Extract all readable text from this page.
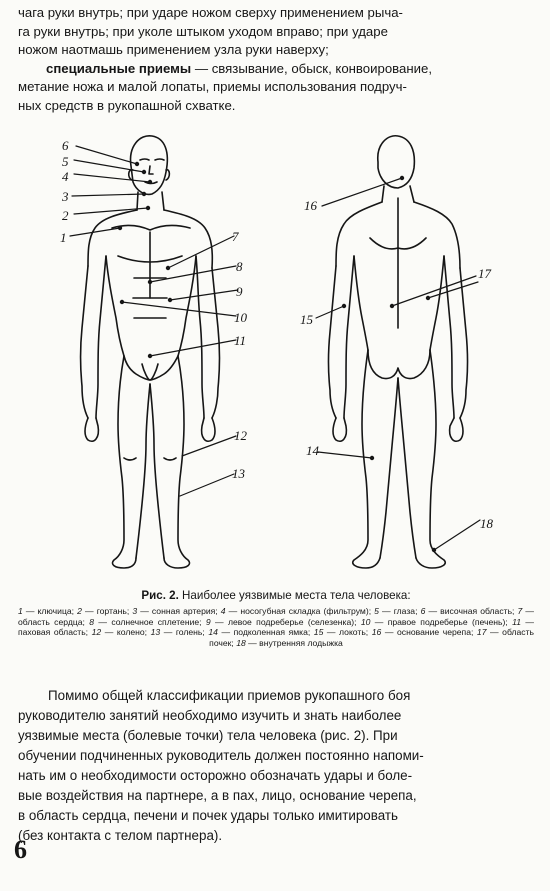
чага руки внутрь; при ударе ножом сверху применением рыча-
га руки внутрь; при уколе штыком уходом вправо; при ударе
ножом наотмашь применением узла руки наверху;
специальные приемы — связывание, обыск, конвоирование,
метание ножа и малой лопаты, приемы использования подруч-
ных средств в рукопашной схватке.

6
5
4
3
2
1	7
8
9
10
11
12
13
16
17
15
14
18
Рис. 2. Наиболее уязвимые места тела человека:
1 — ключица; 2 — гортань; 3 — сонная артерия; 4 — носогубная складка (фильтрум); 5 — глаза; 6 — височная область; 7 — область сердца; 8 — солнечное сплетение; 9 — левое подреберье (селезенка); 10 — правое подреберье (печень); 11 — паховая область; 12 — колено; 13 — голень; 14 — подколенная ямка; 15 — локоть; 16 — основание черепа; 17 — область почек; 18 — внутренняя лодыжка

Помимо общей классификации приемов рукопашного боя
руководителю занятий необходимо изучить и знать наиболее
уязвимые места (болевые точки) тела человека (рис. 2). При
обучении подчиненных руководитель должен постоянно напоми-
нать им о необходимости осторожно обозначать удары и боле-
вые воздействия на партнере, а в пах, лицо, основание черепа,
в область сердца, печени и почек удары только имитировать
(без контакта с телом партнера).

6
